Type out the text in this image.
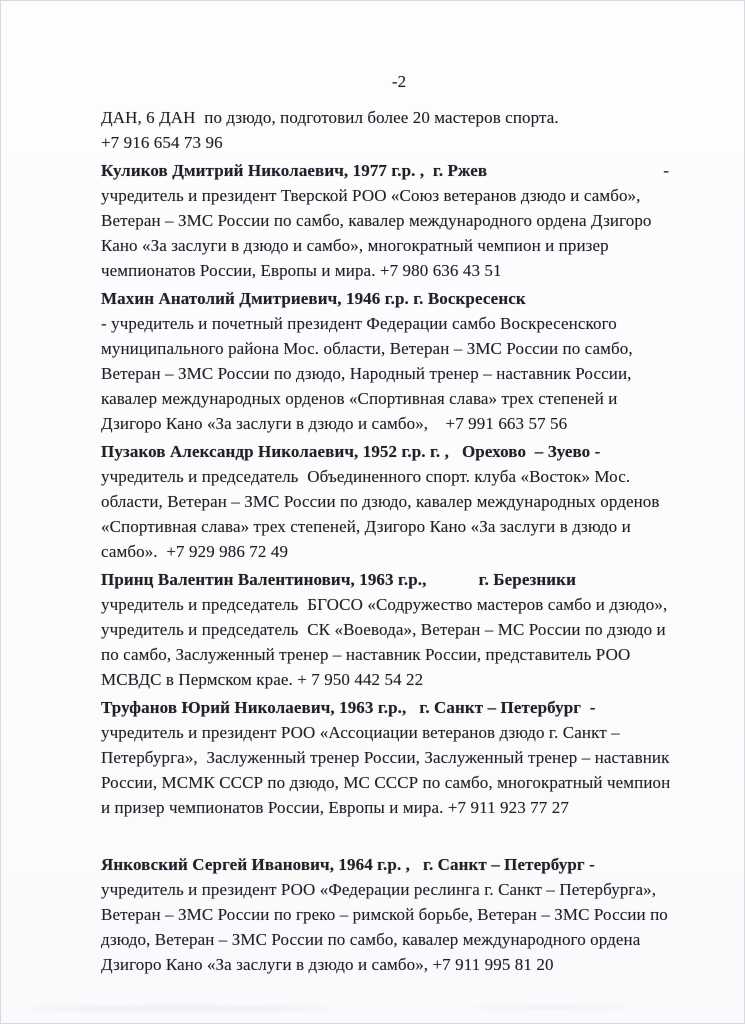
-2
ДАН, 6 ДАН  по дзюдо, подготовил более 20 мастеров спорта.
+7 916 654 73 96
Куликов Дмитрий Николаевич, 1977 г.р. ,  г. Ржев	-
учредитель и президент Тверской РОО «Союз ветеранов дзюдо и самбо»,
Ветеран – ЗМС России по самбо, кавалер международного ордена Дзигоро
Кано «За заслуги в дзюдо и самбо», многократный чемпион и призер
чемпионатов России, Европы и мира. +7 980 636 43 51
Махин Анатолий Дмитриевич, 1946 г.р. г. Воскресенск
- учредитель и почетный президент Федерации самбо Воскресенского
муниципального района Мос. области, Ветеран – ЗМС России по самбо,
Ветеран – ЗМС России по дзюдо, Народный тренер – наставник России,
кавалер международных орденов «Спортивная слава» трех степеней и
Дзигоро Кано «За заслуги в дзюдо и самбо»,    +7 991 663 57 56
Пузаков Александр Николаевич, 1952 г.р. г. ,   Орехово  – Зуево -
учредитель и председатель  Объединенного спорт. клуба «Восток» Мос.
области, Ветеран – ЗМС России по дзюдо, кавалер международных орденов
«Спортивная слава» трех степеней, Дзигоро Кано «За заслуги в дзюдо и
самбо».  +7 929 986 72 49
Принц Валентин Валентинович, 1963 г.р.,            г. Березники
учредитель и председатель  БГОСО «Содружество мастеров самбо и дзюдо»,
учредитель и председатель  СК «Воевода», Ветеран – МС России по дзюдо и
по самбо, Заслуженный тренер – наставник России, представитель РОО
МСВДС в Пермском крае. + 7 950 442 54 22
Труфанов Юрий Николаевич, 1963 г.р.,   г. Санкт – Петербург  -
учредитель и президент РОО «Ассоциации ветеранов дзюдо г. Санкт –
Петербурга»,  Заслуженный тренер России, Заслуженный тренер – наставник
России, МСМК СССР по дзюдо, МС СССР по самбо, многократный чемпион
и призер чемпионатов России, Европы и мира. +7 911 923 77 27
Янковский Сергей Иванович, 1964 г.р. ,   г. Санкт – Петербург -
учредитель и президент РОО «Федерации реслинга г. Санкт – Петербурга»,
Ветеран – ЗМС России по греко – римской борьбе, Ветеран – ЗМС России по
дзюдо, Ветеран – ЗМС России по самбо, кавалер международного ордена
Дзигоро Кано «За заслуги в дзюдо и самбо», +7 911 995 81 20
